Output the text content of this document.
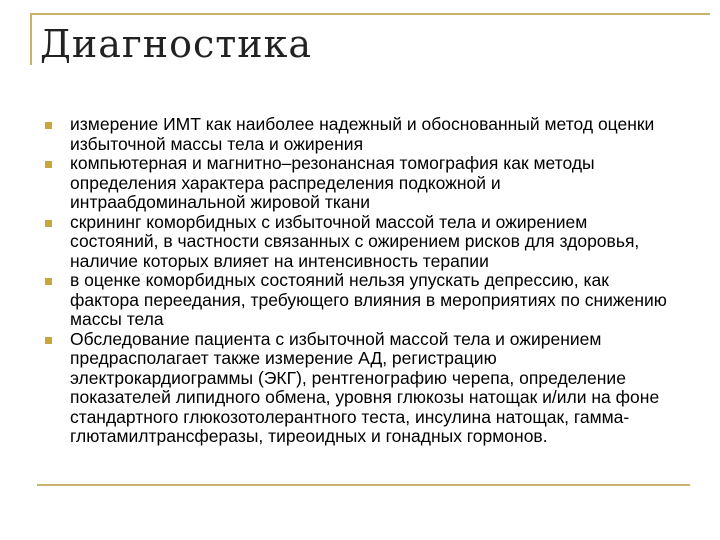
Диагностика
измерение ИМТ как наиболее надежный и обоснованный метод оценки избыточной массы тела и ожирения
компьютерная и магнитно–резонансная томография как методы определения характера распределения подкожной и интраабдоминальной жировой ткани
скрининг коморбидных с избыточной массой тела и ожирением состояний, в частности связанных с ожирением рисков для здоровья, наличие которых влияет на интенсивность терапии
в оценке коморбидных состояний нельзя упускать депрессию, как фактора переедания, требующего влияния в мероприятиях по снижению массы тела
Обследование пациента с избыточной массой тела и ожирением предрасполагает также измерение АД, регистрацию электрокардиограммы (ЭКГ), рентгенографию черепа, определение показателей липидного обмена, уровня глюкозы натощак и/или на фоне стандартного глюкозотолерантного теста, инсулина натощак, гамма-глютамилтрансферазы, тиреоидных и гонадных гормонов.
